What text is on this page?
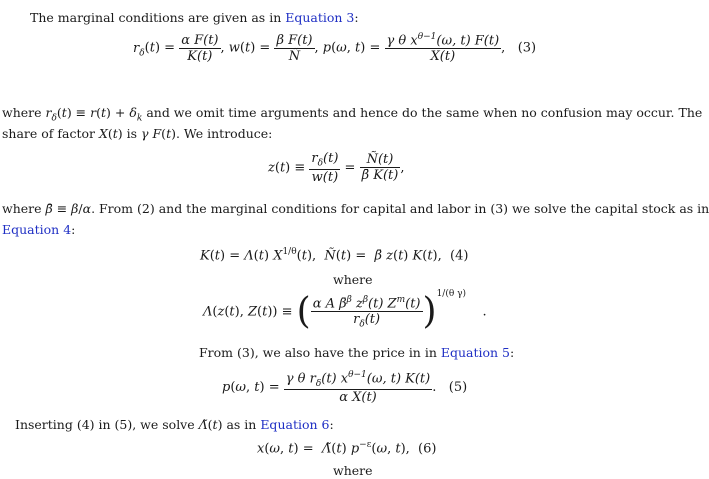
The marginal conditions are given as in Equation 3:
$r_\delta(t) = \frac{\text{α F(t)}}{K(t)}$ , $w(t) = \frac{\text{β F(t)}}{Ñ}$ , p(ω, $t) = \frac{\gamma \theta x^{\theta-1}(\omega, t) F(t)}{X(t)}$ ,   (3)
where $r_\delta(t) \equiv r(t) + \delta_k$ and we omit time arguments and hence do the same when no confusion may occur. The
share of factor X(t) is γ F(t). We introduce:
$z(t) \equiv \frac{r_\delta(t)}{w(t)} = \frac{Ñ(t)}{\betā K(t)}$ ,
where β̄ ≡ β/α. From (2) and the marginal conditions for capital and labor in (3) we solve the capital stock as in
Equation 4:
K(t) = Λ(t) $X^{1/\theta}(t)$,  Ñ(t) =  β̄ z(t) K(t),  (4)
where
Λ(z(t), Z(t)) ≡ ( $\frac{\alpha A \betā^\beta z^\beta(t) Z^m(t)}{r_\delta(t)} )^{1/(\theta \gamma)}$    .
From (3), we also have the price in in Equation 5:
p(ω, $t) = \frac{\gamma \theta r_\delta(t) x^{\theta-1}(\omega, t) K(t)}{\text{α X(t)}}$ .   (5)
Inserting (4) in (5), we solve Λ̃(t) as in Equation 6:
x(ω, t) =  Λ̃(t) $p^{-\varepsilon}(\omega$, t),  (6)
where
